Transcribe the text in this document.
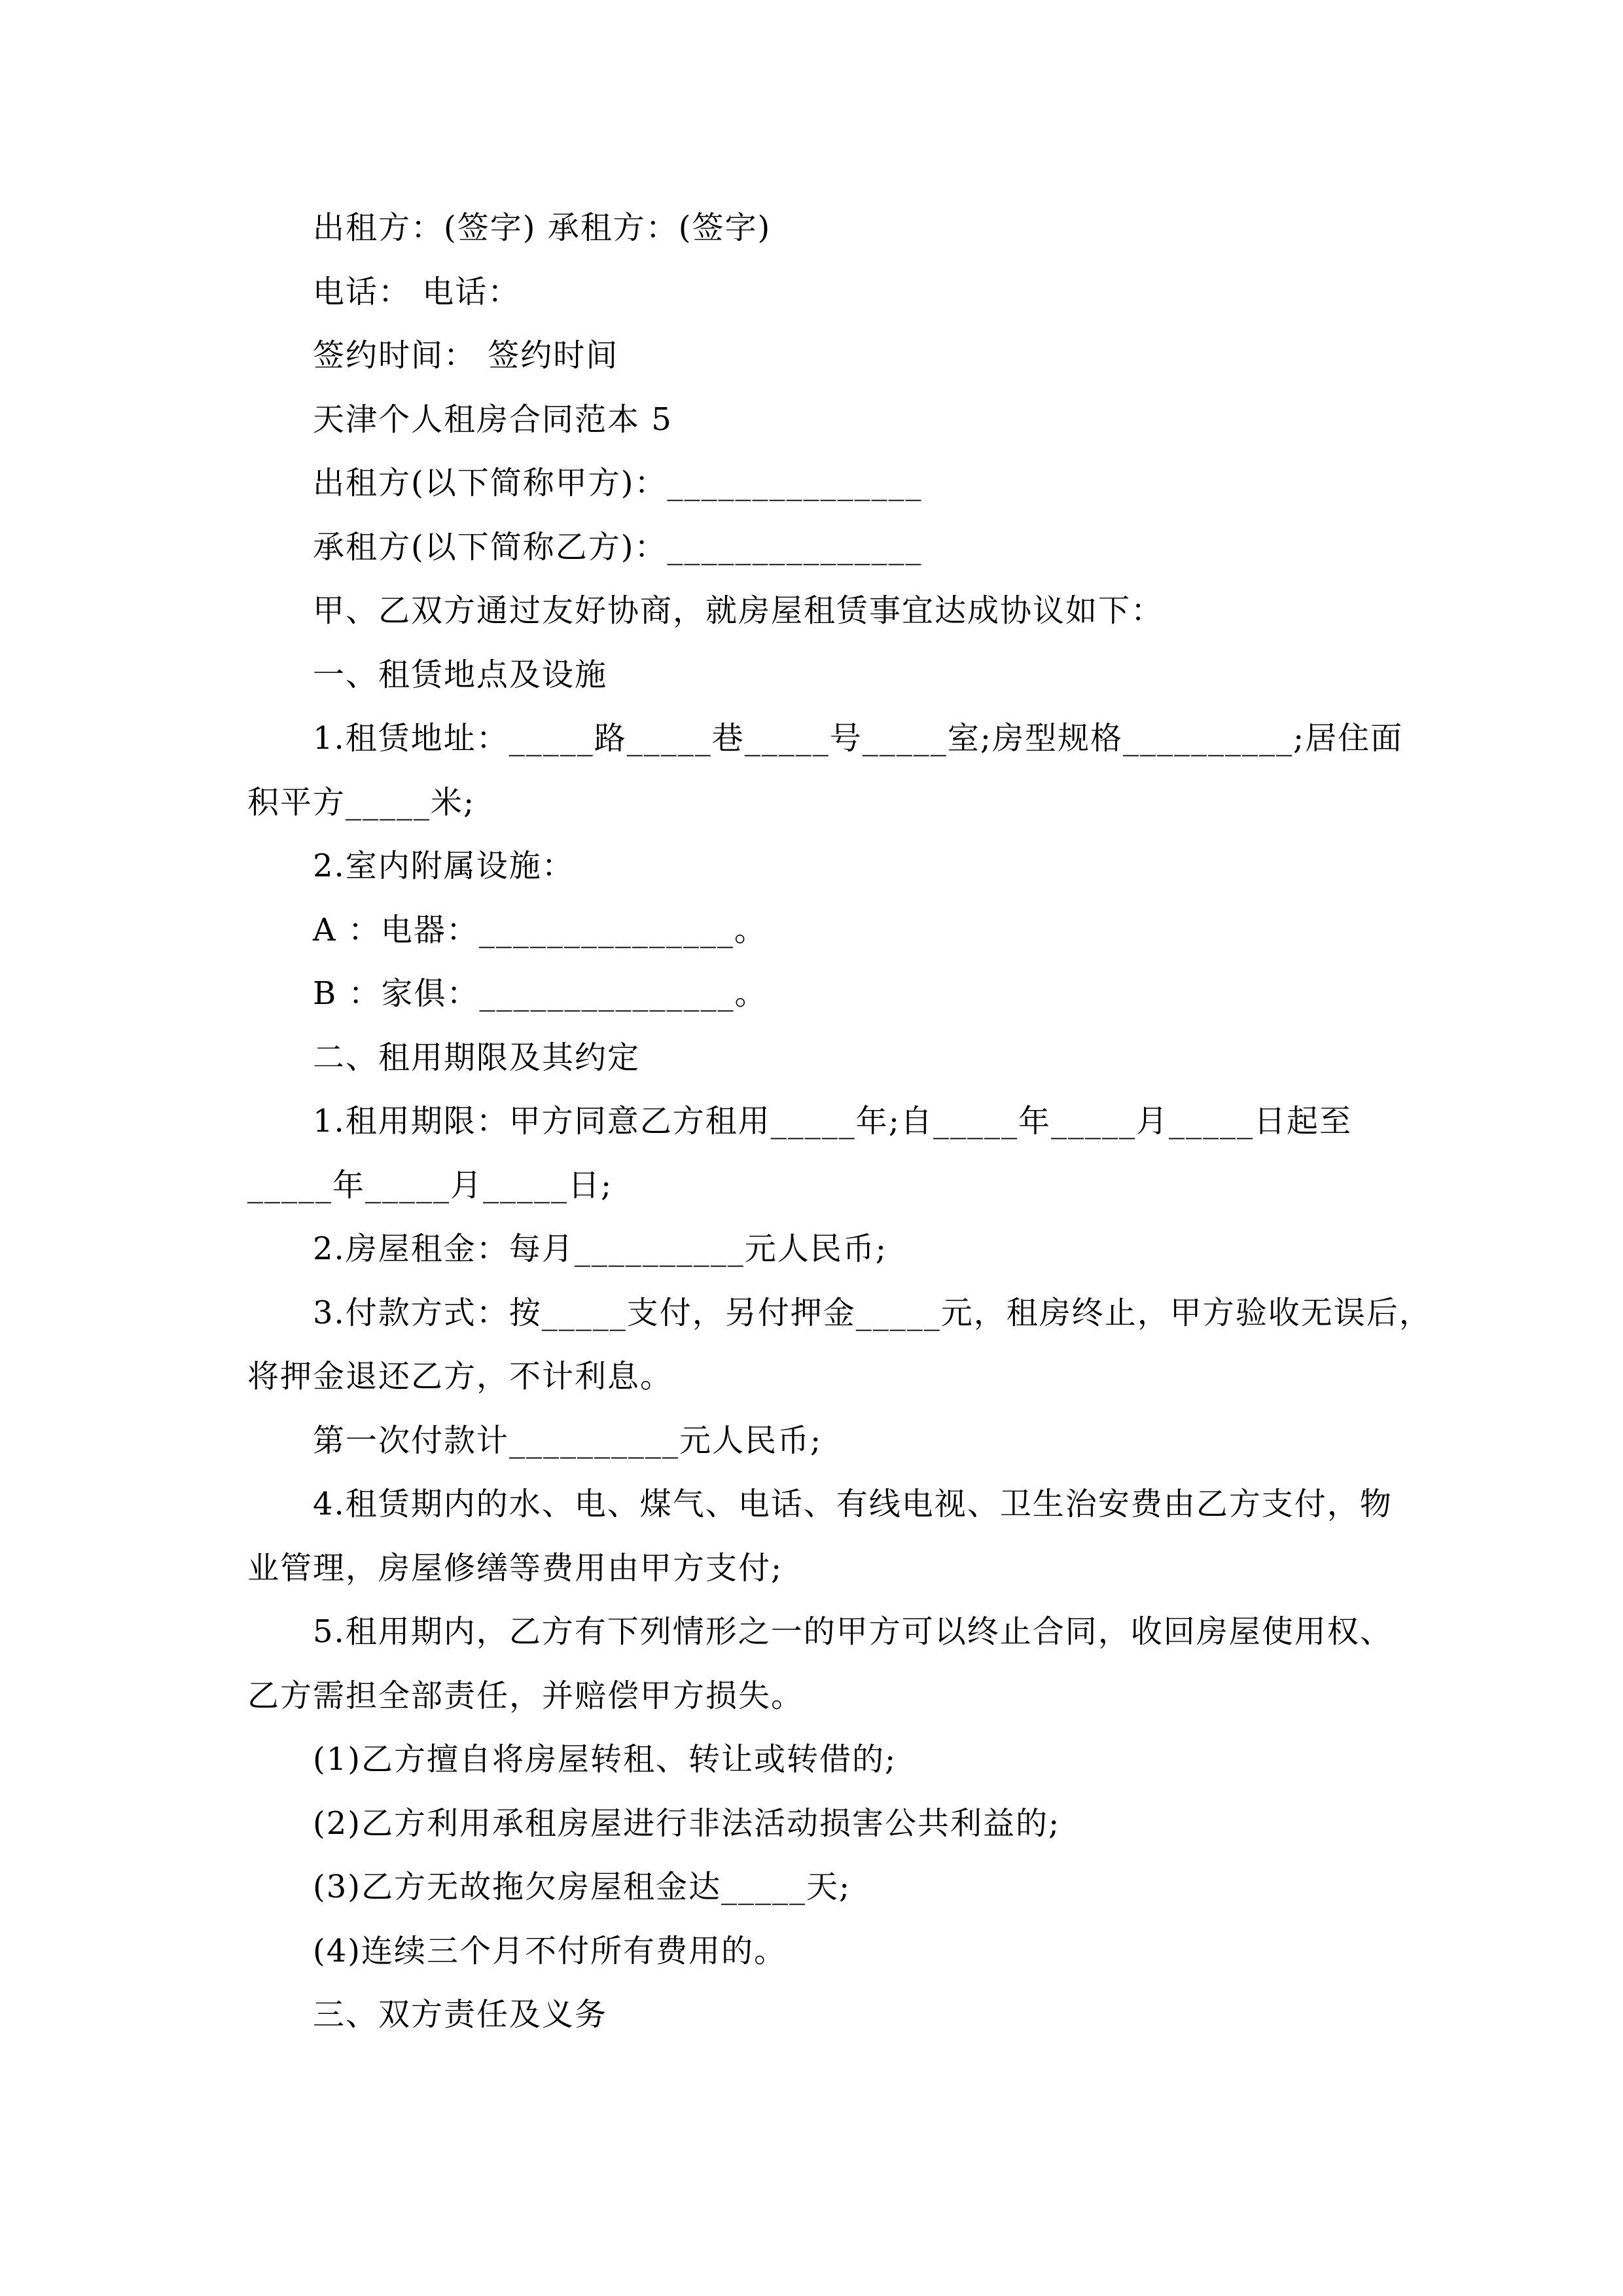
出租方：(签字) 承租方：(签字)
电话： 电话：
签约时间： 签约时间
天津个人租房合同范本 5
出租方(以下简称甲方)：_______________
承租方(以下简称乙方)：_______________
甲、乙双方通过友好协商，就房屋租赁事宜达成协议如下：
一、租赁地点及设施
1.租赁地址：_____路_____巷_____号_____室;房型规格__________;居住面
积平方_____米;
2.室内附属设施：
A ：电器：_______________。
B ：家俱：_______________。
二、租用期限及其约定
1.租用期限：甲方同意乙方租用_____年;自_____年_____月_____日起至
_____年_____月_____日;
2.房屋租金：每月__________元人民币;
3.付款方式：按_____支付，另付押金_____元，租房终止，甲方验收无误后，
将押金退还乙方，不计利息。
第一次付款计__________元人民币;
4.租赁期内的水、电、煤气、电话、有线电视、卫生治安费由乙方支付，物
业管理，房屋修缮等费用由甲方支付;
5.租用期内，乙方有下列情形之一的甲方可以终止合同，收回房屋使用权、
乙方需担全部责任，并赔偿甲方损失。
(1)乙方擅自将房屋转租、转让或转借的;
(2)乙方利用承租房屋进行非法活动损害公共利益的;
(3)乙方无故拖欠房屋租金达_____天;
(4)连续三个月不付所有费用的。
三、双方责任及义务
